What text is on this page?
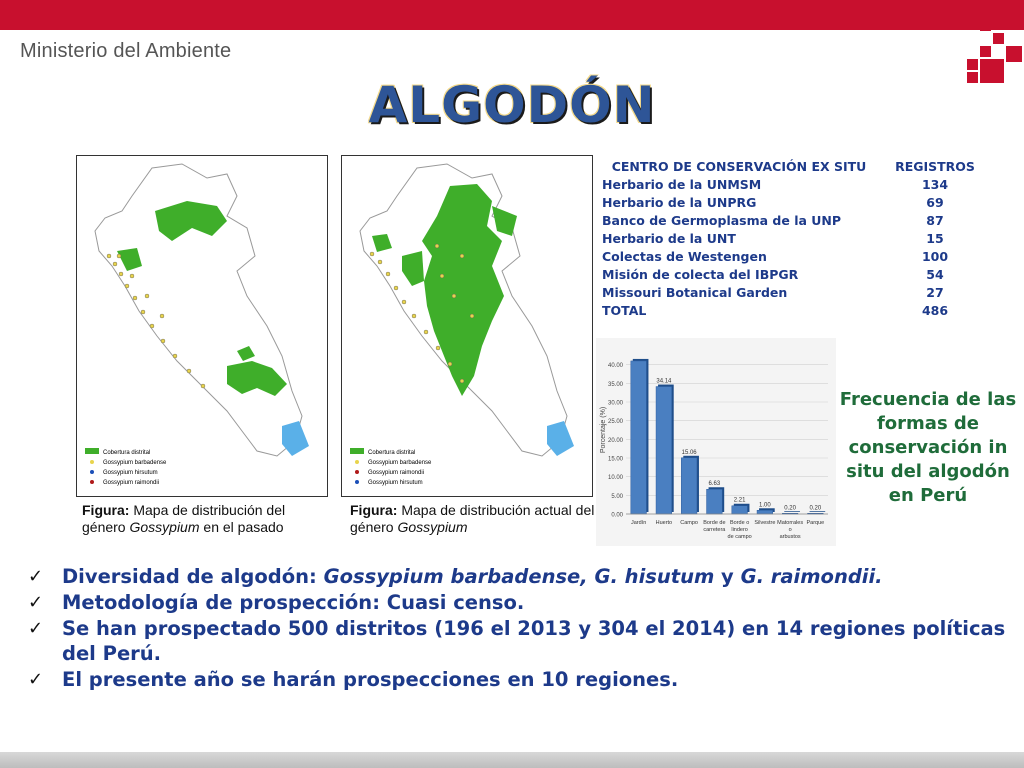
Ministerio del Ambiente
ALGODÓN
Cobertura distrital
Gossypium barbadense
Gossypium hirsutum
Gossypium raimondii
Figura: Mapa de distribución del género Gossypium en el pasado
Cobertura distrital
Gossypium barbadense
Gossypium raimondii
Gossypium hirsutum
Figura: Mapa de distribución actual del género Gossypium
CENTRO DE CONSERVACIÓN EX SITU	REGISTROS
Herbario de la UNMSM	134
Herbario de la UNPRG	69
Banco de Germoplasma de la UNP	87
Herbario de la UNT	15
Colectas de Westengen	100
Misión de colecta del IBPGR	54
Missouri Botanical Garden	27
TOTAL	486
0.00
5.00
10.00
15.00
20.00
25.00
30.00
35.00
40.00
Porcentaje (%)
Jardín
34.14
Huerto
15.06
Campo
6.63
Borde de carretera
2.21
Borde o lindero de campo
1.00
Silvestre
0.20
Matorrales o arbustos
0.20
Parque
Frecuencia de las formas de conservación in situ del algodón en Perú
✓ Diversidad de algodón: Gossypium barbadense, G. hisutum y G. raimondii.
✓ Metodología de prospección: Cuasi censo.
✓ Se han prospectado 500 distritos (196 el 2013 y 304 el 2014) en 14 regiones políticas del Perú.
✓ El presente año se harán prospecciones en 10 regiones.
